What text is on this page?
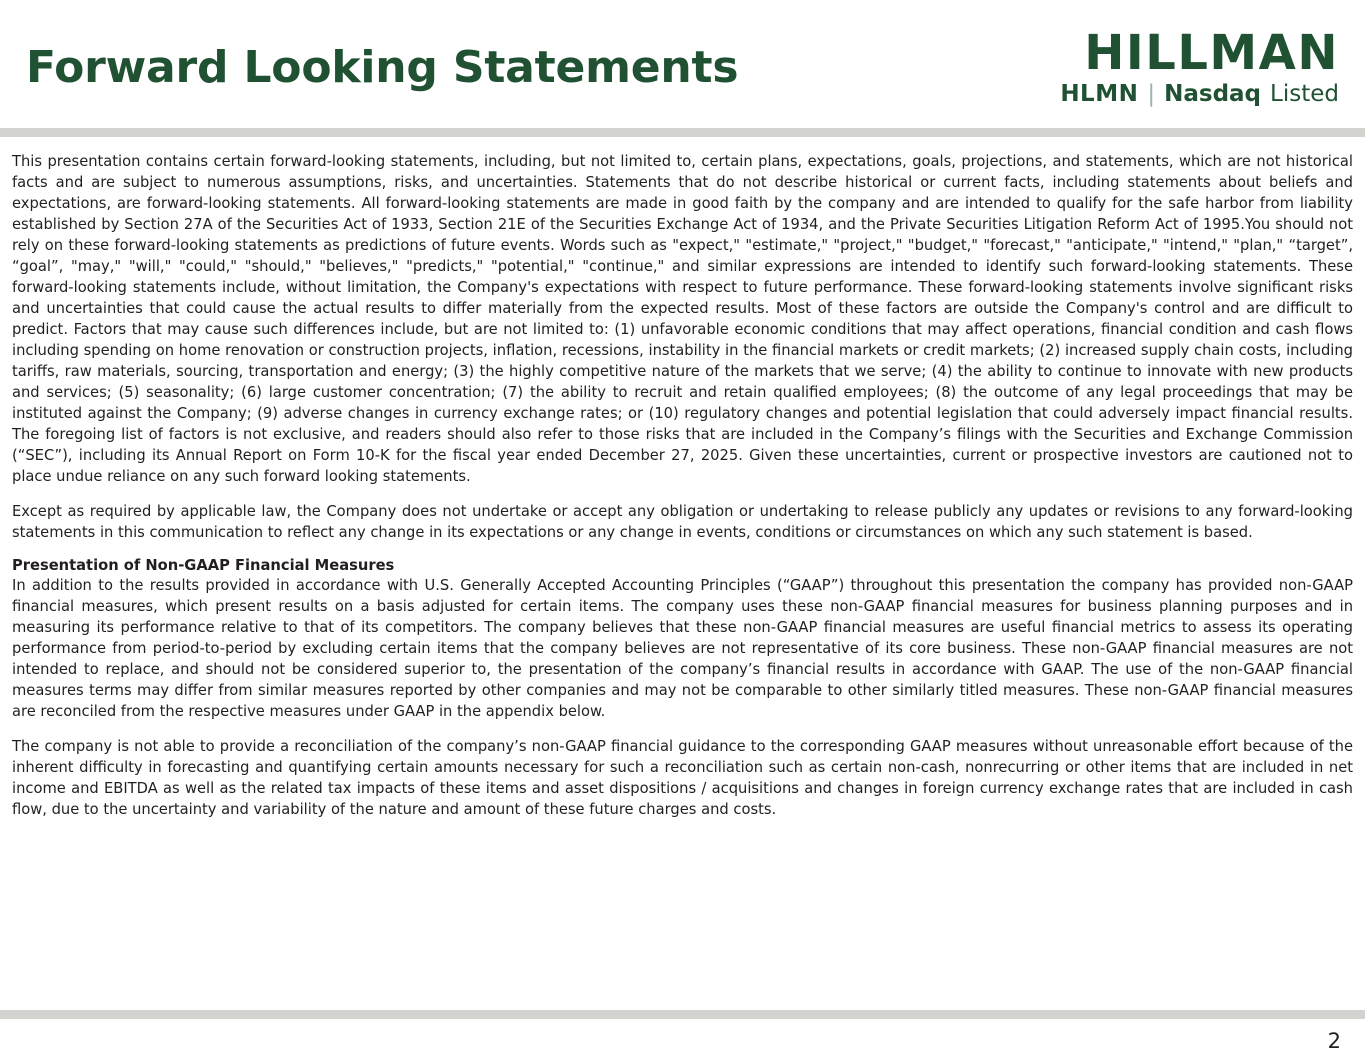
Forward Looking Statements	HILLMAN
HLMN | Nasdaq Listed

This presentation contains certain forward-looking statements, including, but not limited to, certain plans, expectations, goals, projections, and statements, which are not historical facts and are subject to numerous assumptions, risks, and uncertainties. Statements that do not describe historical or current facts, including statements about beliefs and expectations, are forward-looking statements. All forward-looking statements are made in good faith by the company and are intended to qualify for the safe harbor from liability established by Section 27A of the Securities Act of 1933, Section 21E of the Securities Exchange Act of 1934, and the Private Securities Litigation Reform Act of 1995.You should not rely on these forward-looking statements as predictions of future events. Words such as "expect," "estimate," "project," "budget," "forecast," "anticipate," "intend," "plan," “target”, “goal”, "may," "will," "could," "should," "believes," "predicts," "potential," "continue," and similar expressions are intended to identify such forward-looking statements. These forward-looking statements include, without limitation, the Company's expectations with respect to future performance. These forward-looking statements involve significant risks and uncertainties that could cause the actual results to differ materially from the expected results. Most of these factors are outside the Company's control and are difficult to predict. Factors that may cause such differences include, but are not limited to: (1) unfavorable economic conditions that may affect operations, financial condition and cash flows including spending on home renovation or construction projects, inflation, recessions, instability in the financial markets or credit markets; (2) increased supply chain costs, including tariffs, raw materials, sourcing, transportation and energy; (3) the highly competitive nature of the markets that we serve; (4) the ability to continue to innovate with new products and services; (5) seasonality; (6) large customer concentration; (7) the ability to recruit and retain qualified employees; (8) the outcome of any legal proceedings that may be instituted against the Company; (9) adverse changes in currency exchange rates; or (10) regulatory changes and potential legislation that could adversely impact financial results. The foregoing list of factors is not exclusive, and readers should also refer to those risks that are included in the Company’s filings with the Securities and Exchange Commission (“SEC”), including its Annual Report on Form 10-K for the fiscal year ended December 27, 2025. Given these uncertainties, current or prospective investors are cautioned not to place undue reliance on any such forward looking statements.

Except as required by applicable law, the Company does not undertake or accept any obligation or undertaking to release publicly any updates or revisions to any forward-looking statements in this communication to reflect any change in its expectations or any change in events, conditions or circumstances on which any such statement is based.

Presentation of Non-GAAP Financial Measures

In addition to the results provided in accordance with U.S. Generally Accepted Accounting Principles (“GAAP”) throughout this presentation the company has provided non-GAAP financial measures, which present results on a basis adjusted for certain items. The company uses these non-GAAP financial measures for business planning purposes and in measuring its performance relative to that of its competitors. The company believes that these non-GAAP financial measures are useful financial metrics to assess its operating performance from period-to-period by excluding certain items that the company believes are not representative of its core business. These non-GAAP financial measures are not intended to replace, and should not be considered superior to, the presentation of the company’s financial results in accordance with GAAP. The use of the non-GAAP financial measures terms may differ from similar measures reported by other companies and may not be comparable to other similarly titled measures. These non-GAAP financial measures are reconciled from the respective measures under GAAP in the appendix below.

The company is not able to provide a reconciliation of the company’s non-GAAP financial guidance to the corresponding GAAP measures without unreasonable effort because of the inherent difficulty in forecasting and quantifying certain amounts necessary for such a reconciliation such as certain non-cash, nonrecurring or other items that are included in net income and EBITDA as well as the related tax impacts of these items and asset dispositions / acquisitions and changes in foreign currency exchange rates that are included in cash flow, due to the uncertainty and variability of the nature and amount of these future charges and costs.

2
